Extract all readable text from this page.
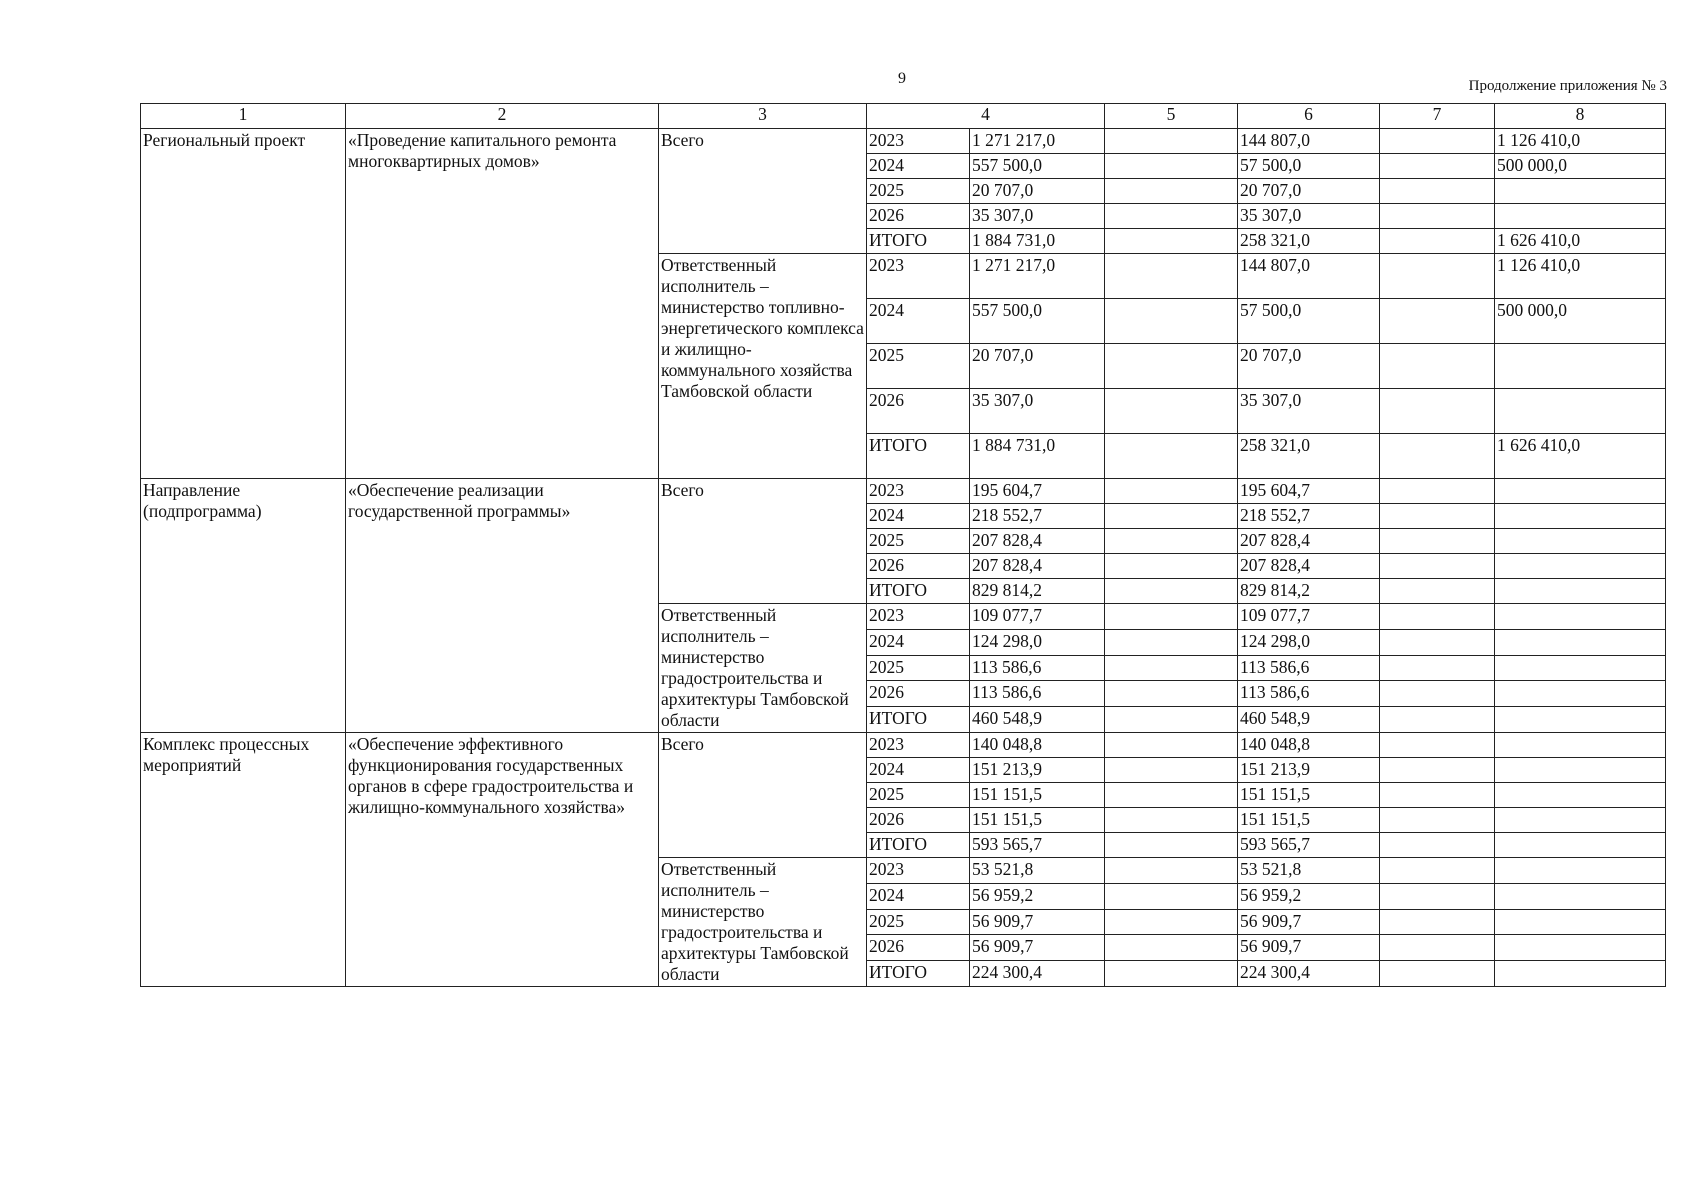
9	Продолжение приложения № 3
1	2	3	4		5	6	7	8
Региональный проект	«Проведение капитального ремонта многоквартирных домов»	Всего	2023	1 271 217,0		144 807,0		1 126 410,0
			2024	557 500,0		57 500,0		500 000,0
			2025	20 707,0		20 707,0		
			2026	35 307,0		35 307,0		
			ИТОГО	1 884 731,0		258 321,0		1 626 410,0
		Ответственный исполнитель – министерство топливно-энергетического комплекса и жилищно-коммунального хозяйства Тамбовской области	2023	1 271 217,0		144 807,0		1 126 410,0
			2024	557 500,0		57 500,0		500 000,0
			2025	20 707,0		20 707,0		
			2026	35 307,0		35 307,0		
			ИТОГО	1 884 731,0		258 321,0		1 626 410,0
Направление (подпрограмма)	«Обеспечение реализации государственной программы»	Всего	2023	195 604,7		195 604,7		
			2024	218 552,7		218 552,7		
			2025	207 828,4		207 828,4		
			2026	207 828,4		207 828,4		
			ИТОГО	829 814,2		829 814,2		
		Ответственный исполнитель – министерство градостроительства и архитектуры Тамбовской области	2023	109 077,7		109 077,7		
			2024	124 298,0		124 298,0		
			2025	113 586,6		113 586,6		
			2026	113 586,6		113 586,6		
			ИТОГО	460 548,9		460 548,9		
Комплекс процессных мероприятий	«Обеспечение эффективного функционирования государственных органов в сфере градостроительства и жилищно-коммунального хозяйства»	Всего	2023	140 048,8		140 048,8		
			2024	151 213,9		151 213,9		
			2025	151 151,5		151 151,5		
			2026	151 151,5		151 151,5		
			ИТОГО	593 565,7		593 565,7		
		Ответственный исполнитель – министерство градостроительства и архитектуры Тамбовской области	2023	53 521,8		53 521,8		
			2024	56 959,2		56 959,2		
			2025	56 909,7		56 909,7		
			2026	56 909,7		56 909,7		
			ИТОГО	224 300,4		224 300,4		
